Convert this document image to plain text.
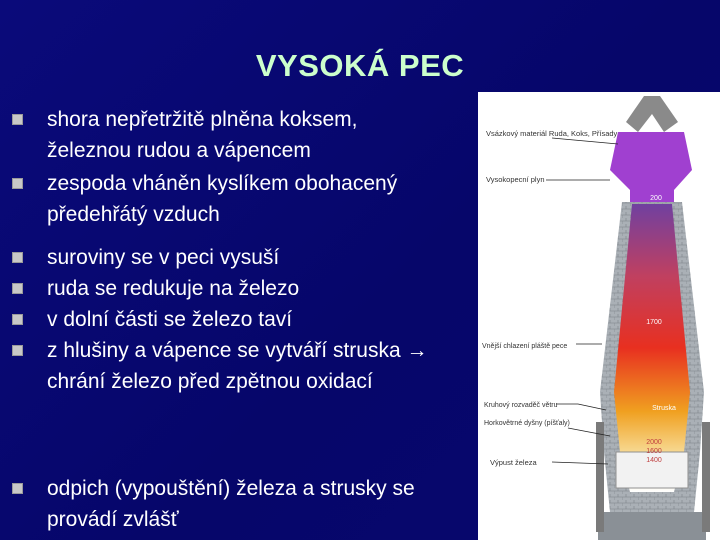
VYSOKÁ PEC
shora nepřetržitě plněna koksem, železnou rudou a vápencem
zespoda vháněn kyslíkem obohacený předehřátý vzduch
suroviny se v peci vysuší
ruda se redukuje na železo
v dolní části se železo taví
z hlušiny a vápence se vytváří struska → chrání železo před zpětnou oxidací
odpich (vypouštění) železa a strusky se provádí zvlášť
Vsázkový materiál Ruda, Koks, Přísady
Vysokopecní plyn
Vnější chlazení pláště pece
Kruhový rozvaděč větru
Horkovětrné dyšny (píšťaly)
Výpust železa
200
Struska
2000
1600
1400
1700
